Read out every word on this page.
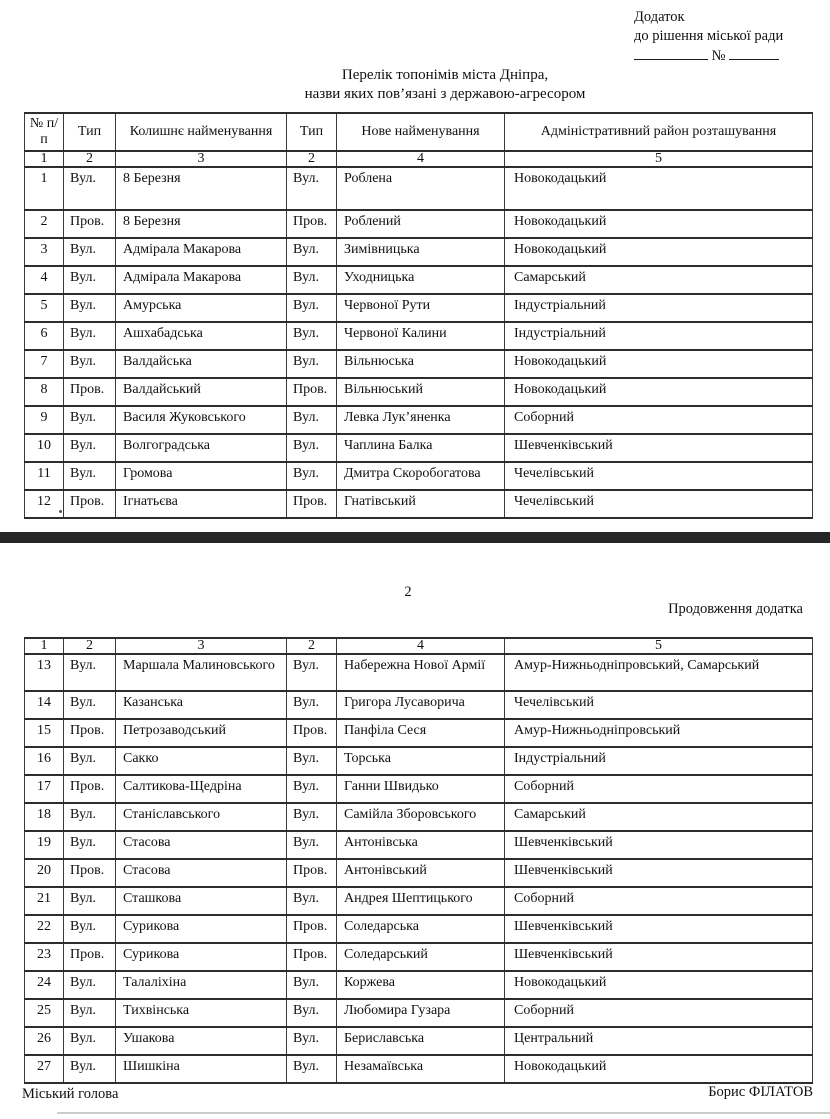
Додаток
до рішення міської ради
№
Перелік топонімів міста Дніпра,
назви яких пов’язані з державою-агресором
№ п/п	Тип	Колишнє найменування	Тип	Нове найменування	Адміністративний район розташування
1	2	3	2	4	5
1	Вул.	8 Березня	Вул.	Роблена	Новокодацький
2	Пров.	8 Березня	Пров.	Роблений	Новокодацький
3	Вул.	Адмірала Макарова	Вул.	Зимівницька	Новокодацький
4	Вул.	Адмірала Макарова	Вул.	Уходницька	Самарський
5	Вул.	Амурська	Вул.	Червоної Рути	Індустріальний
6	Вул.	Ашхабадська	Вул.	Червоної Калини	Індустріальний
7	Вул.	Валдайська	Вул.	Вільнюська	Новокодацький
8	Пров.	Валдайський	Пров.	Вільнюський	Новокодацький
9	Вул.	Василя Жуковського	Вул.	Левка Лук’яненка	Соборний
10	Вул.	Волгоградська	Вул.	Чаплина Балка	Шевченківський
11	Вул.	Громова	Вул.	Дмитра Скоробогатова	Чечелівський
12	Пров.	Ігнатьєва	Пров.	Гнатівський	Чечелівський
2
Продовження додатка
1	2	3	2	4	5
13	Вул.	Маршала Малиновського	Вул.	Набережна Нової Армії	Амур-Нижньодніпровський, Самарський
14	Вул.	Казанська	Вул.	Григора Лусаворича	Чечелівський
15	Пров.	Петрозаводський	Пров.	Панфіла Сеся	Амур-Нижньодніпровський
16	Вул.	Сакко	Вул.	Торська	Індустріальний
17	Пров.	Салтикова-Щедріна	Вул.	Ганни Швидько	Соборний
18	Вул.	Станіславського	Вул.	Самійла Зборовського	Самарський
19	Вул.	Стасова	Вул.	Антонівська	Шевченківський
20	Пров.	Стасова	Пров.	Антонівський	Шевченківський
21	Вул.	Сташкова	Вул.	Андрея Шептицького	Соборний
22	Вул.	Сурикова	Пров.	Соледарська	Шевченківський
23	Пров.	Сурикова	Пров.	Соледарський	Шевченківський
24	Вул.	Талаліхіна	Вул.	Коржева	Новокодацький
25	Вул.	Тихвінська	Вул.	Любомира Гузара	Соборний
26	Вул.	Ушакова	Вул.	Бериславська	Центральний
27	Вул.	Шишкіна	Вул.	Незамаївська	Новокодацький
Міський голова	Борис ФІЛАТОВ
